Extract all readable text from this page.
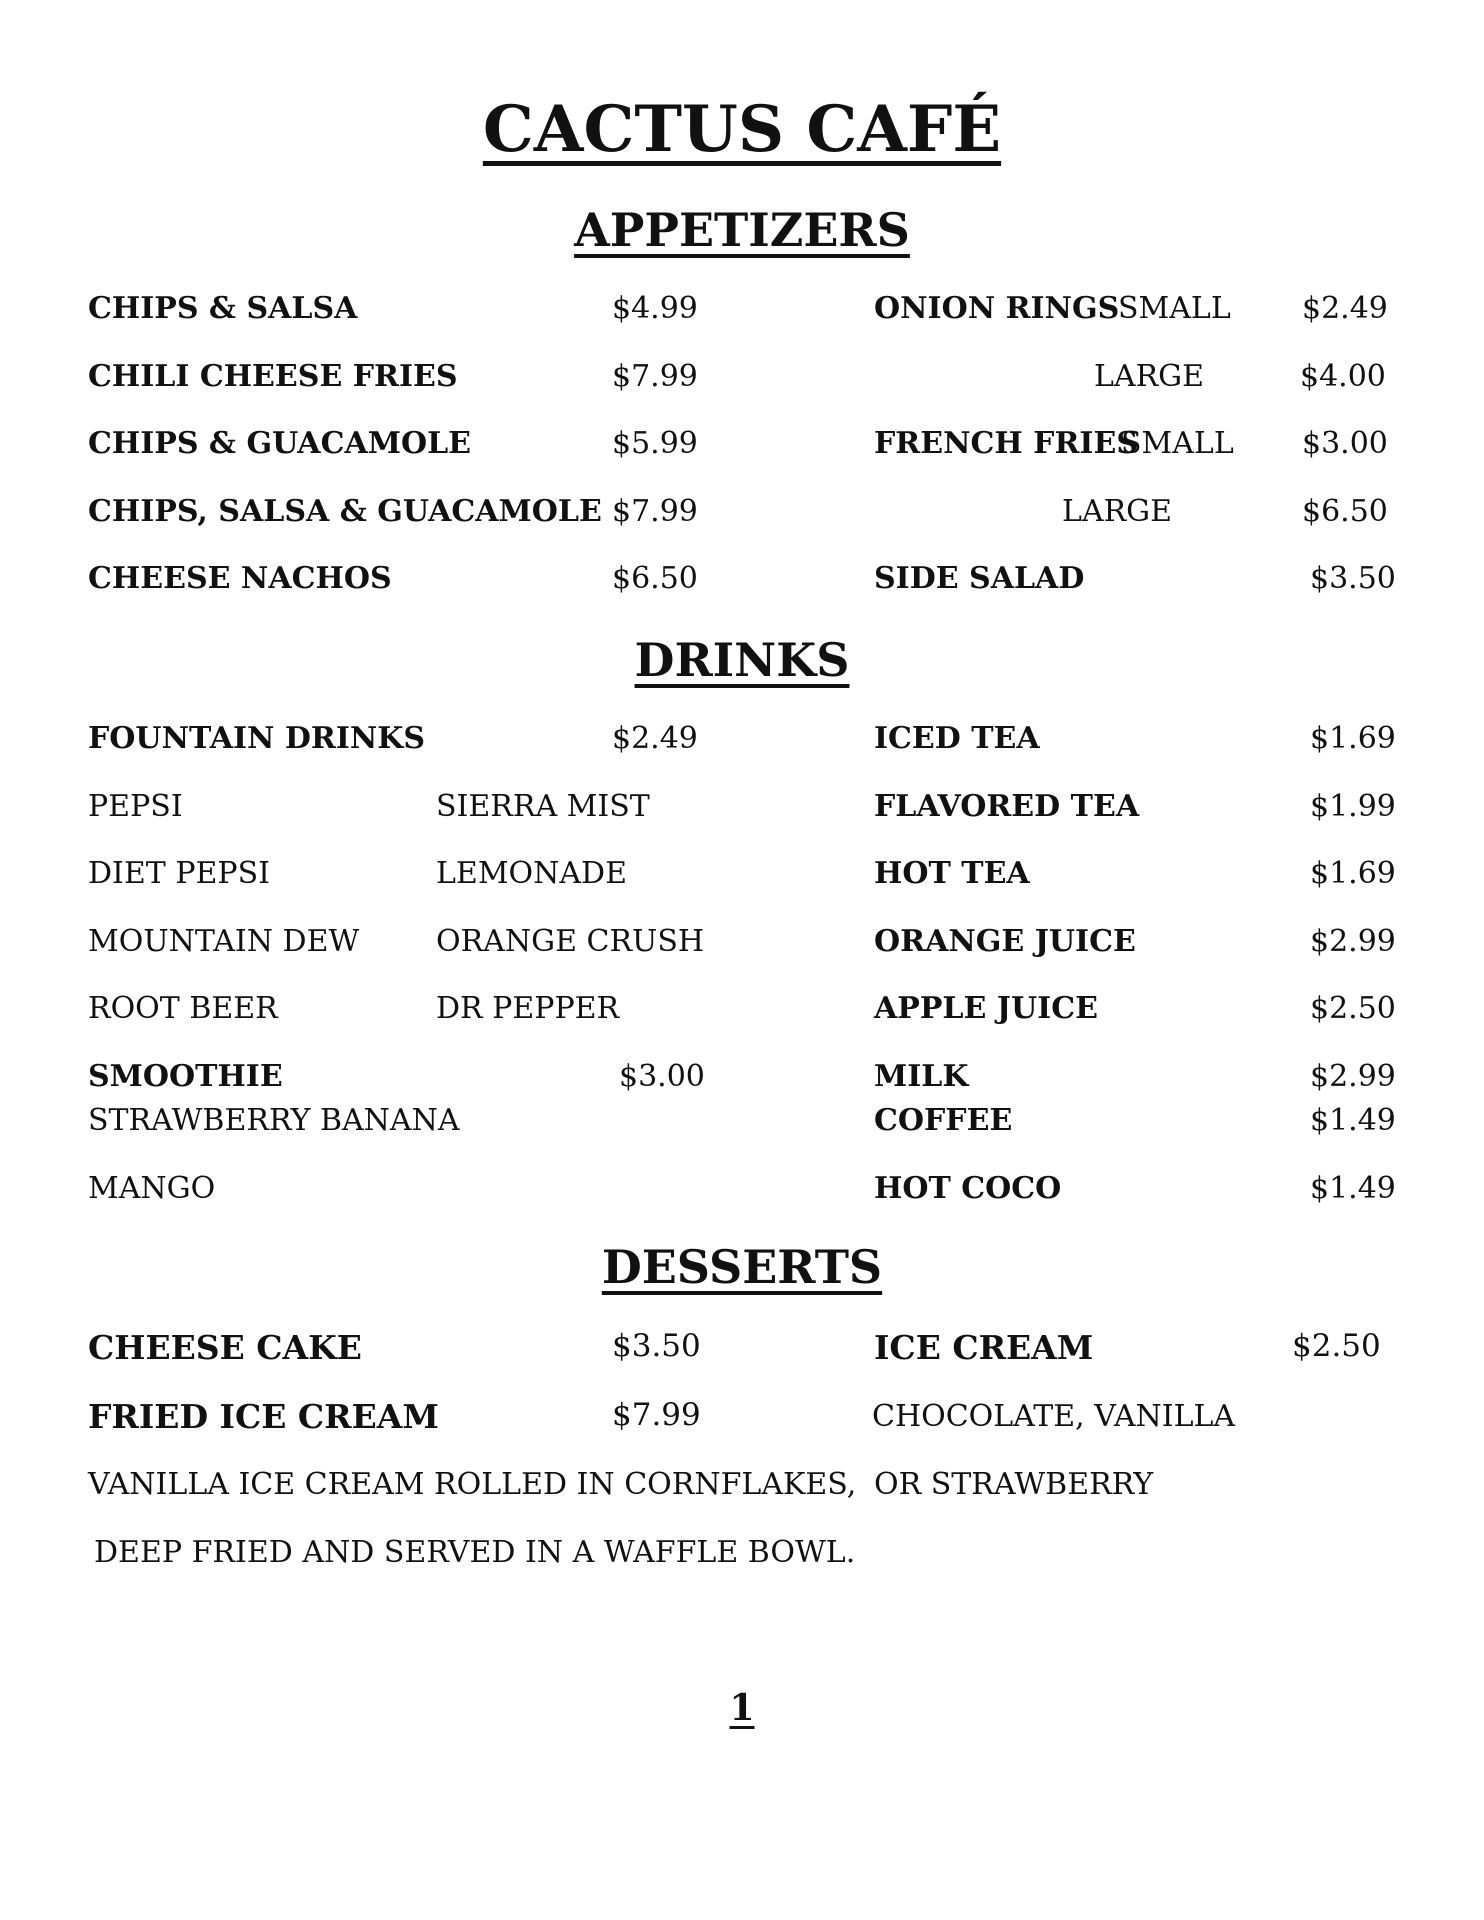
CACTUS CAFÉ
APPETIZERS
CHIPS & SALSA	$4.99
CHILI CHEESE FRIES	$7.99
CHIPS & GUACAMOLE	$5.99
CHIPS, SALSA & GUACAMOLE $7.99
CHEESE NACHOS	$6.50
ONION RINGS
SMALL $2.49
LARGE	$4.00
FRENCH FRIES
SMALL $3.00
LARGE	$6.50
SIDE SALAD	$3.50
DRINKS
FOUNTAIN DRINKS	$2.49
PEPSI	SIERRA MIST
DIET PEPSI	LEMONADE
MOUNTAIN DEW	ORANGE CRUSH
ROOT BEER	DR PEPPER
SMOOTHIE	$3.00
STRAWBERRY BANANA
MANGO
ICED TEA	$1.69
FLAVORED TEA	$1.99
HOT TEA	$1.69
ORANGE JUICE	$2.99
APPLE JUICE	$2.50
MILK	$2.99
COFFEE	$1.49
HOT COCO	$1.49
DESSERTS
CHEESE CAKE	$3.50
FRIED ICE CREAM	$7.99
VANILLA ICE CREAM ROLLED IN CORNFLAKES,
DEEP FRIED AND SERVED IN A WAFFLE BOWL.
ICE CREAM	$2.50
CHOCOLATE, VANILLA
OR STRAWBERRY
1
